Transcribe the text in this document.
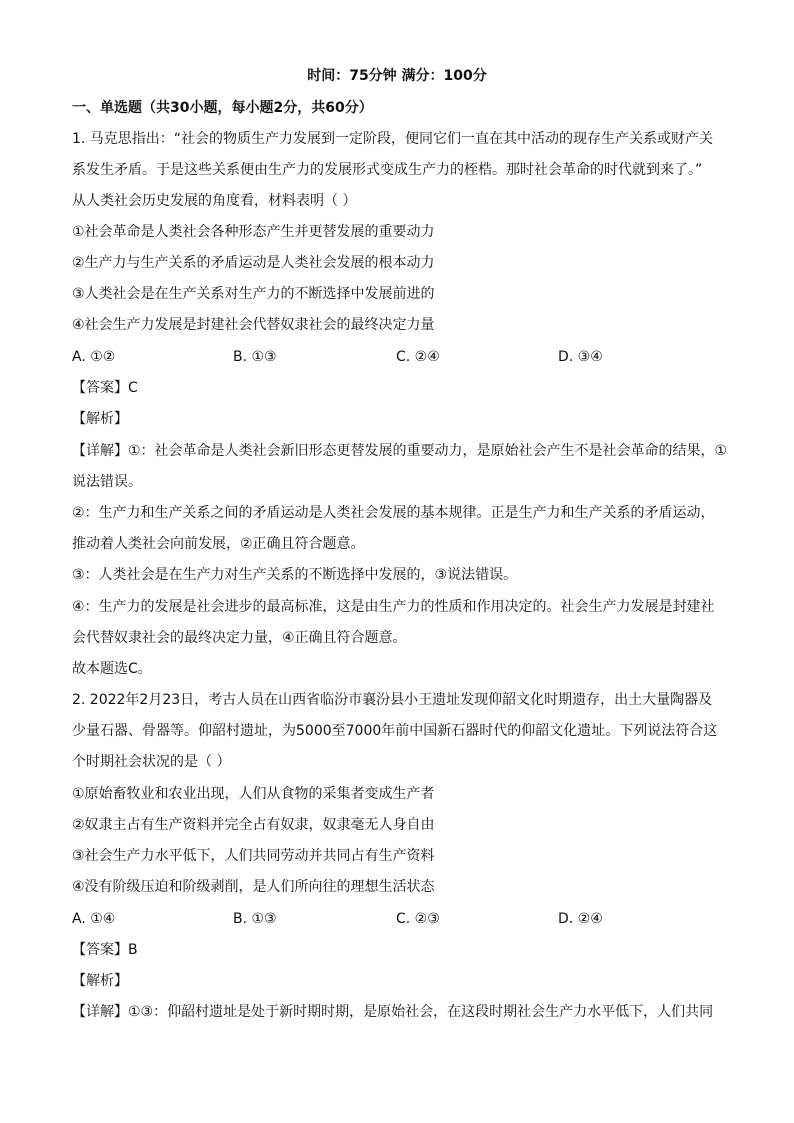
时间：75分钟 满分：100分
一、单选题（共30小题，每小题2分，共60分）
1. 马克思指出：“社会的物质生产力发展到一定阶段，便同它们一直在其中活动的现存生产关系或财产关
系发生矛盾。于是这些关系便由生产力的发展形式变成生产力的桎梏。那时社会革命的时代就到来了。”
从人类社会历史发展的角度看，材料表明（ ）
①社会革命是人类社会各种形态产生并更替发展的重要动力
②生产力与生产关系的矛盾运动是人类社会发展的根本动力
③人类社会是在生产关系对生产力的不断选择中发展前进的
④社会生产力发展是封建社会代替奴隶社会的最终决定力量
A. ①②	B. ①③	C. ②④	D. ③④
【答案】C
【解析】
【详解】①：社会革命是人类社会新旧形态更替发展的重要动力，是原始社会产生不是社会革命的结果，①
说法错误。
②：生产力和生产关系之间的矛盾运动是人类社会发展的基本规律。正是生产力和生产关系的矛盾运动，
推动着人类社会向前发展，②正确且符合题意。
③：人类社会是在生产力对生产关系的不断选择中发展的，③说法错误。
④：生产力的发展是社会进步的最高标准，这是由生产力的性质和作用决定的。社会生产力发展是封建社
会代替奴隶社会的最终决定力量，④正确且符合题意。
故本题选C。
2. 2022年2月23日，考古人员在山西省临汾市襄汾县小王遗址发现仰韶文化时期遗存，出土大量陶器及
少量石器、骨器等。仰韶村遗址，为5000至7000年前中国新石器时代的仰韶文化遗址。下列说法符合这
个时期社会状况的是（ ）
①原始畜牧业和农业出现，人们从食物的采集者变成生产者
②奴隶主占有生产资料并完全占有奴隶，奴隶毫无人身自由
③社会生产力水平低下，人们共同劳动并共同占有生产资料
④没有阶级压迫和阶级剥削，是人们所向往的理想生活状态
A. ①④	B. ①③	C. ②③	D. ②④
【答案】B
【解析】
【详解】①③：仰韶村遗址是处于新时期时期，是原始社会，在这段时期社会生产力水平低下，人们共同
